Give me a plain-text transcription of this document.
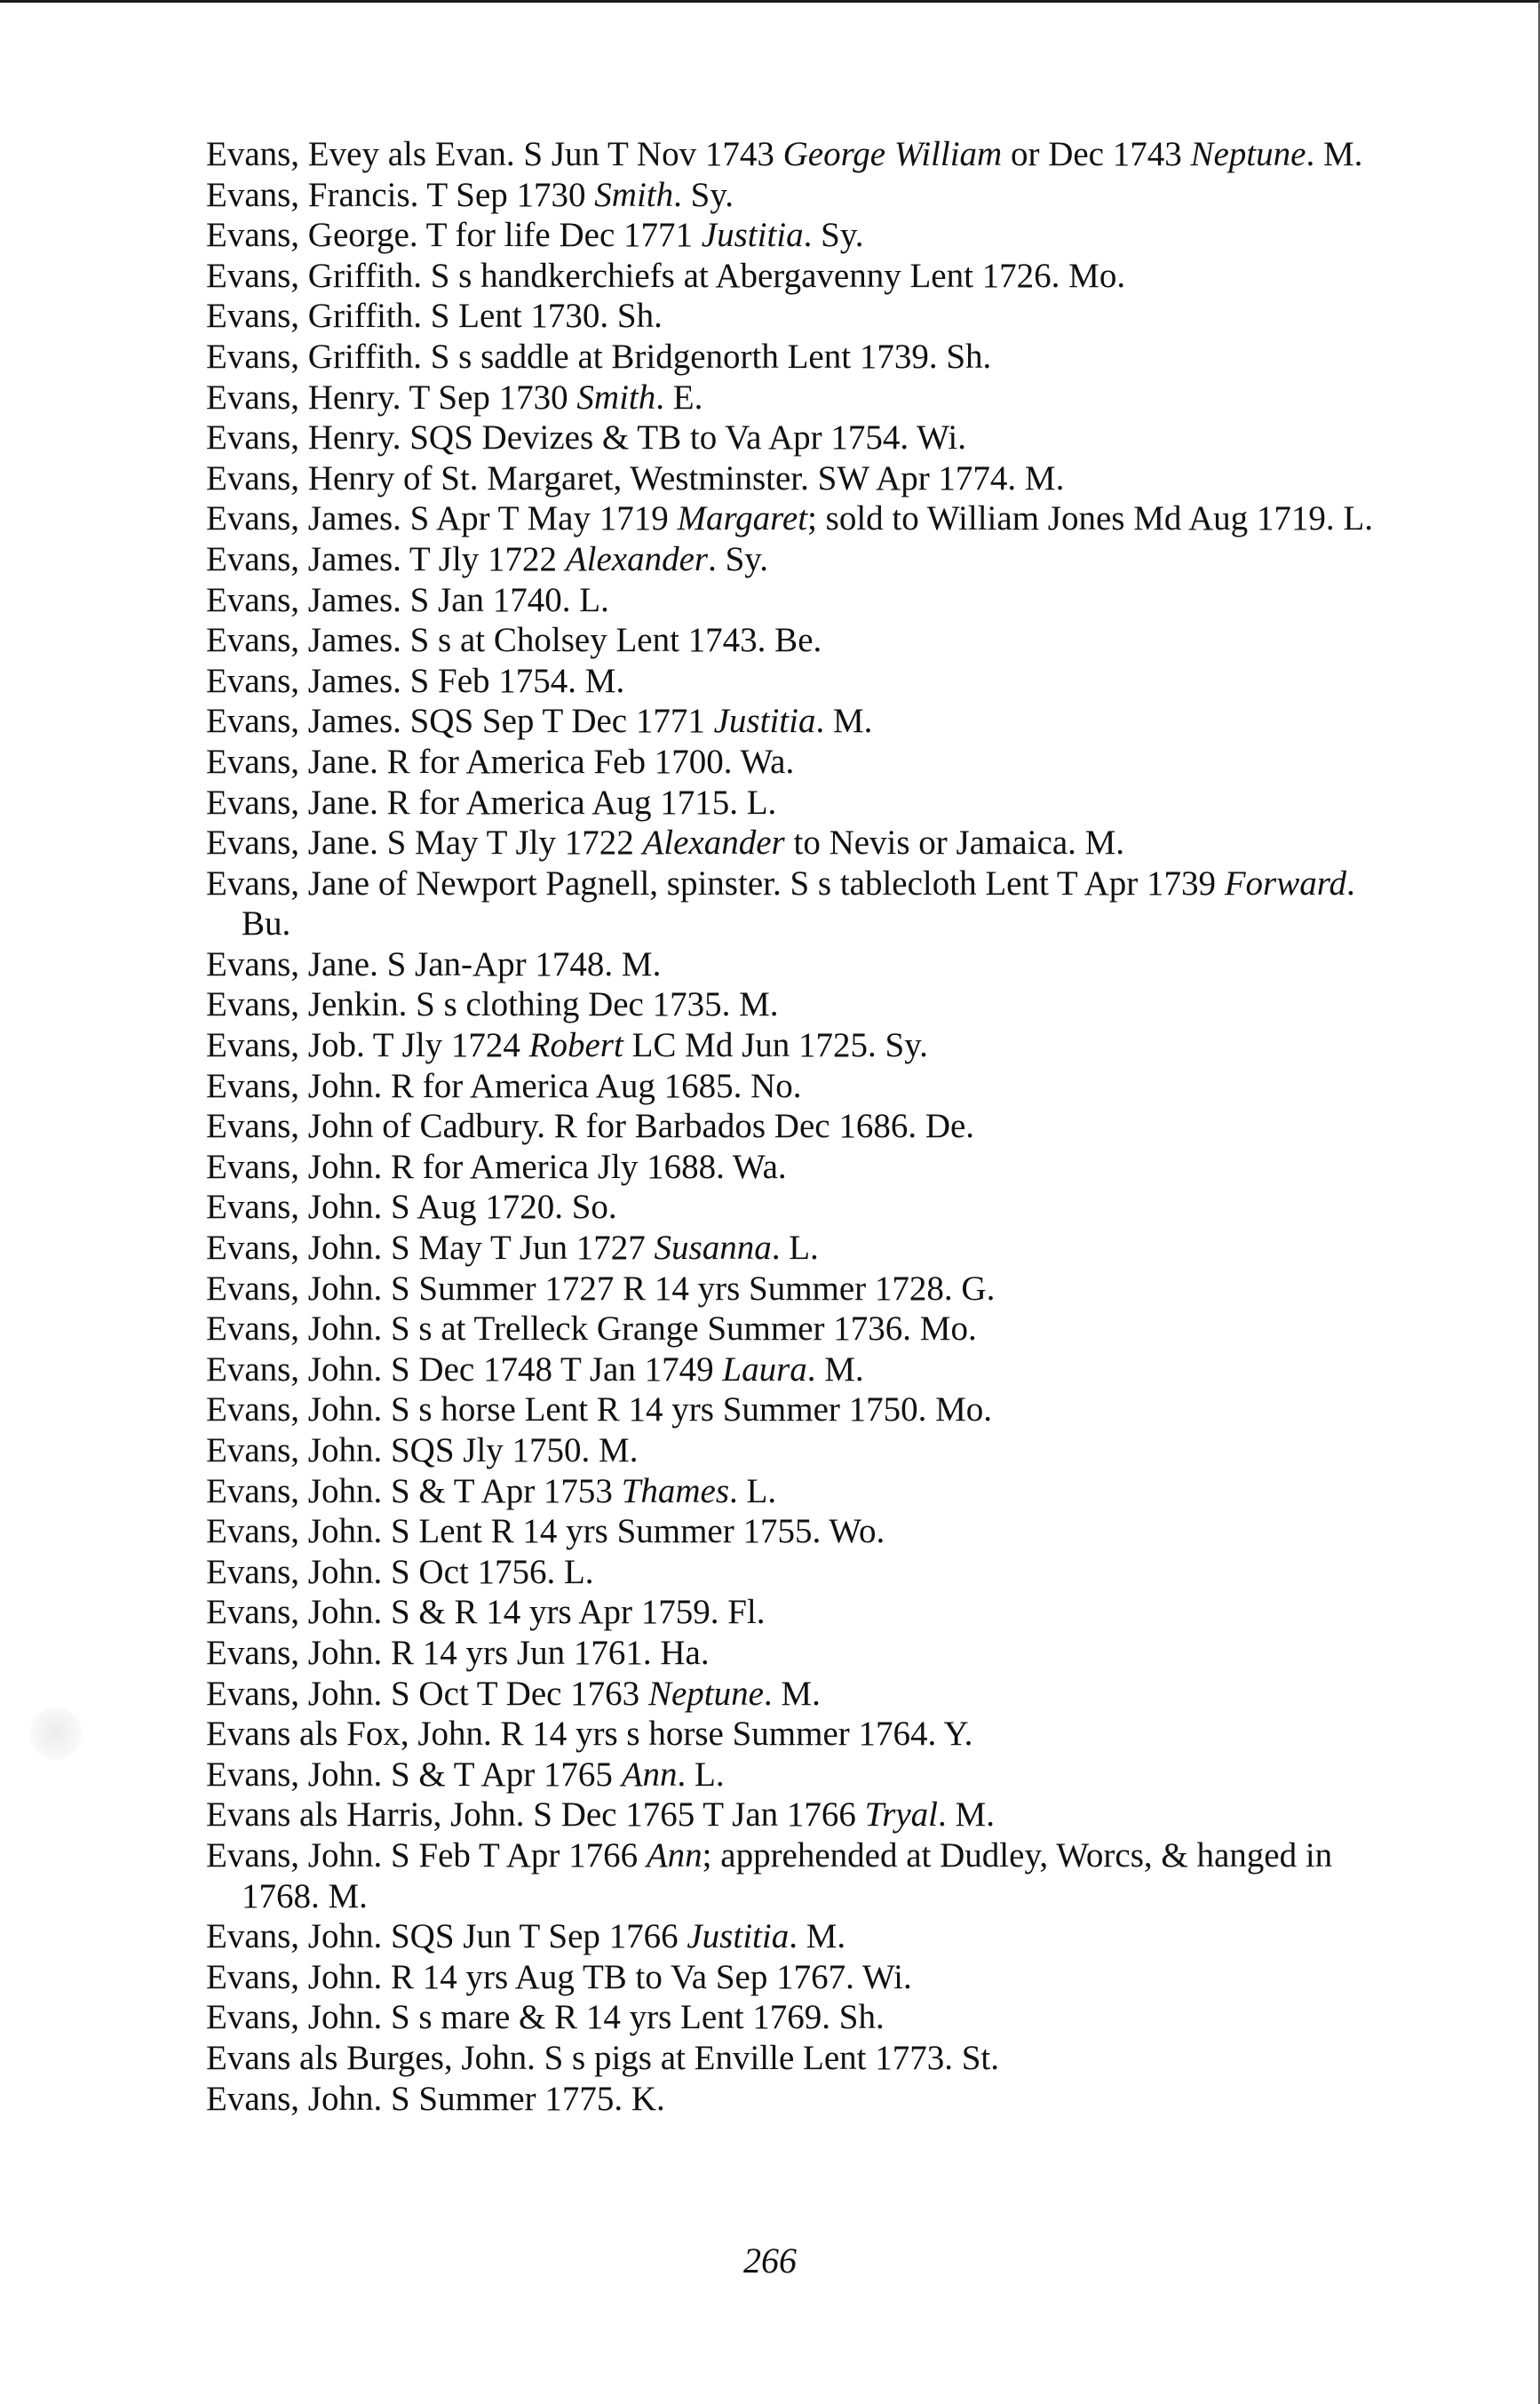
Evans, Evey als Evan. S Jun T Nov 1743 George William or Dec 1743 Neptune. M.
Evans, Francis. T Sep 1730 Smith. Sy.
Evans, George. T for life Dec 1771 Justitia. Sy.
Evans, Griffith. S s handkerchiefs at Abergavenny Lent 1726. Mo.
Evans, Griffith. S Lent 1730. Sh.
Evans, Griffith. S s saddle at Bridgenorth Lent 1739. Sh.
Evans, Henry. T Sep 1730 Smith. E.
Evans, Henry. SQS Devizes & TB to Va Apr 1754. Wi.
Evans, Henry of St. Margaret, Westminster. SW Apr 1774. M.
Evans, James. S Apr T May 1719 Margaret; sold to William Jones Md Aug 1719. L.
Evans, James. T Jly 1722 Alexander. Sy.
Evans, James. S Jan 1740. L.
Evans, James. S s at Cholsey Lent 1743. Be.
Evans, James. S Feb 1754. M.
Evans, James. SQS Sep T Dec 1771 Justitia. M.
Evans, Jane. R for America Feb 1700. Wa.
Evans, Jane. R for America Aug 1715. L.
Evans, Jane. S May T Jly 1722 Alexander to Nevis or Jamaica. M.
Evans, Jane of Newport Pagnell, spinster. S s tablecloth Lent T Apr 1739 Forward. Bu.
Evans, Jane. S Jan-Apr 1748. M.
Evans, Jenkin. S s clothing Dec 1735. M.
Evans, Job. T Jly 1724 Robert LC Md Jun 1725. Sy.
Evans, John. R for America Aug 1685. No.
Evans, John of Cadbury. R for Barbados Dec 1686. De.
Evans, John. R for America Jly 1688. Wa.
Evans, John. S Aug 1720. So.
Evans, John. S May T Jun 1727 Susanna. L.
Evans, John. S Summer 1727 R 14 yrs Summer 1728. G.
Evans, John. S s at Trelleck Grange Summer 1736. Mo.
Evans, John. S Dec 1748 T Jan 1749 Laura. M.
Evans, John. S s horse Lent R 14 yrs Summer 1750. Mo.
Evans, John. SQS Jly 1750. M.
Evans, John. S & T Apr 1753 Thames. L.
Evans, John. S Lent R 14 yrs Summer 1755. Wo.
Evans, John. S Oct 1756. L.
Evans, John. S & R 14 yrs Apr 1759. Fl.
Evans, John. R 14 yrs Jun 1761. Ha.
Evans, John. S Oct T Dec 1763 Neptune. M.
Evans als Fox, John. R 14 yrs s horse Summer 1764. Y.
Evans, John. S & T Apr 1765 Ann. L.
Evans als Harris, John. S Dec 1765 T Jan 1766 Tryal. M.
Evans, John. S Feb T Apr 1766 Ann; apprehended at Dudley, Worcs, & hanged in 1768. M.
Evans, John. SQS Jun T Sep 1766 Justitia. M.
Evans, John. R 14 yrs Aug TB to Va Sep 1767. Wi.
Evans, John. S s mare & R 14 yrs Lent 1769. Sh.
Evans als Burges, John. S s pigs at Enville Lent 1773. St.
Evans, John. S Summer 1775. K.
266
